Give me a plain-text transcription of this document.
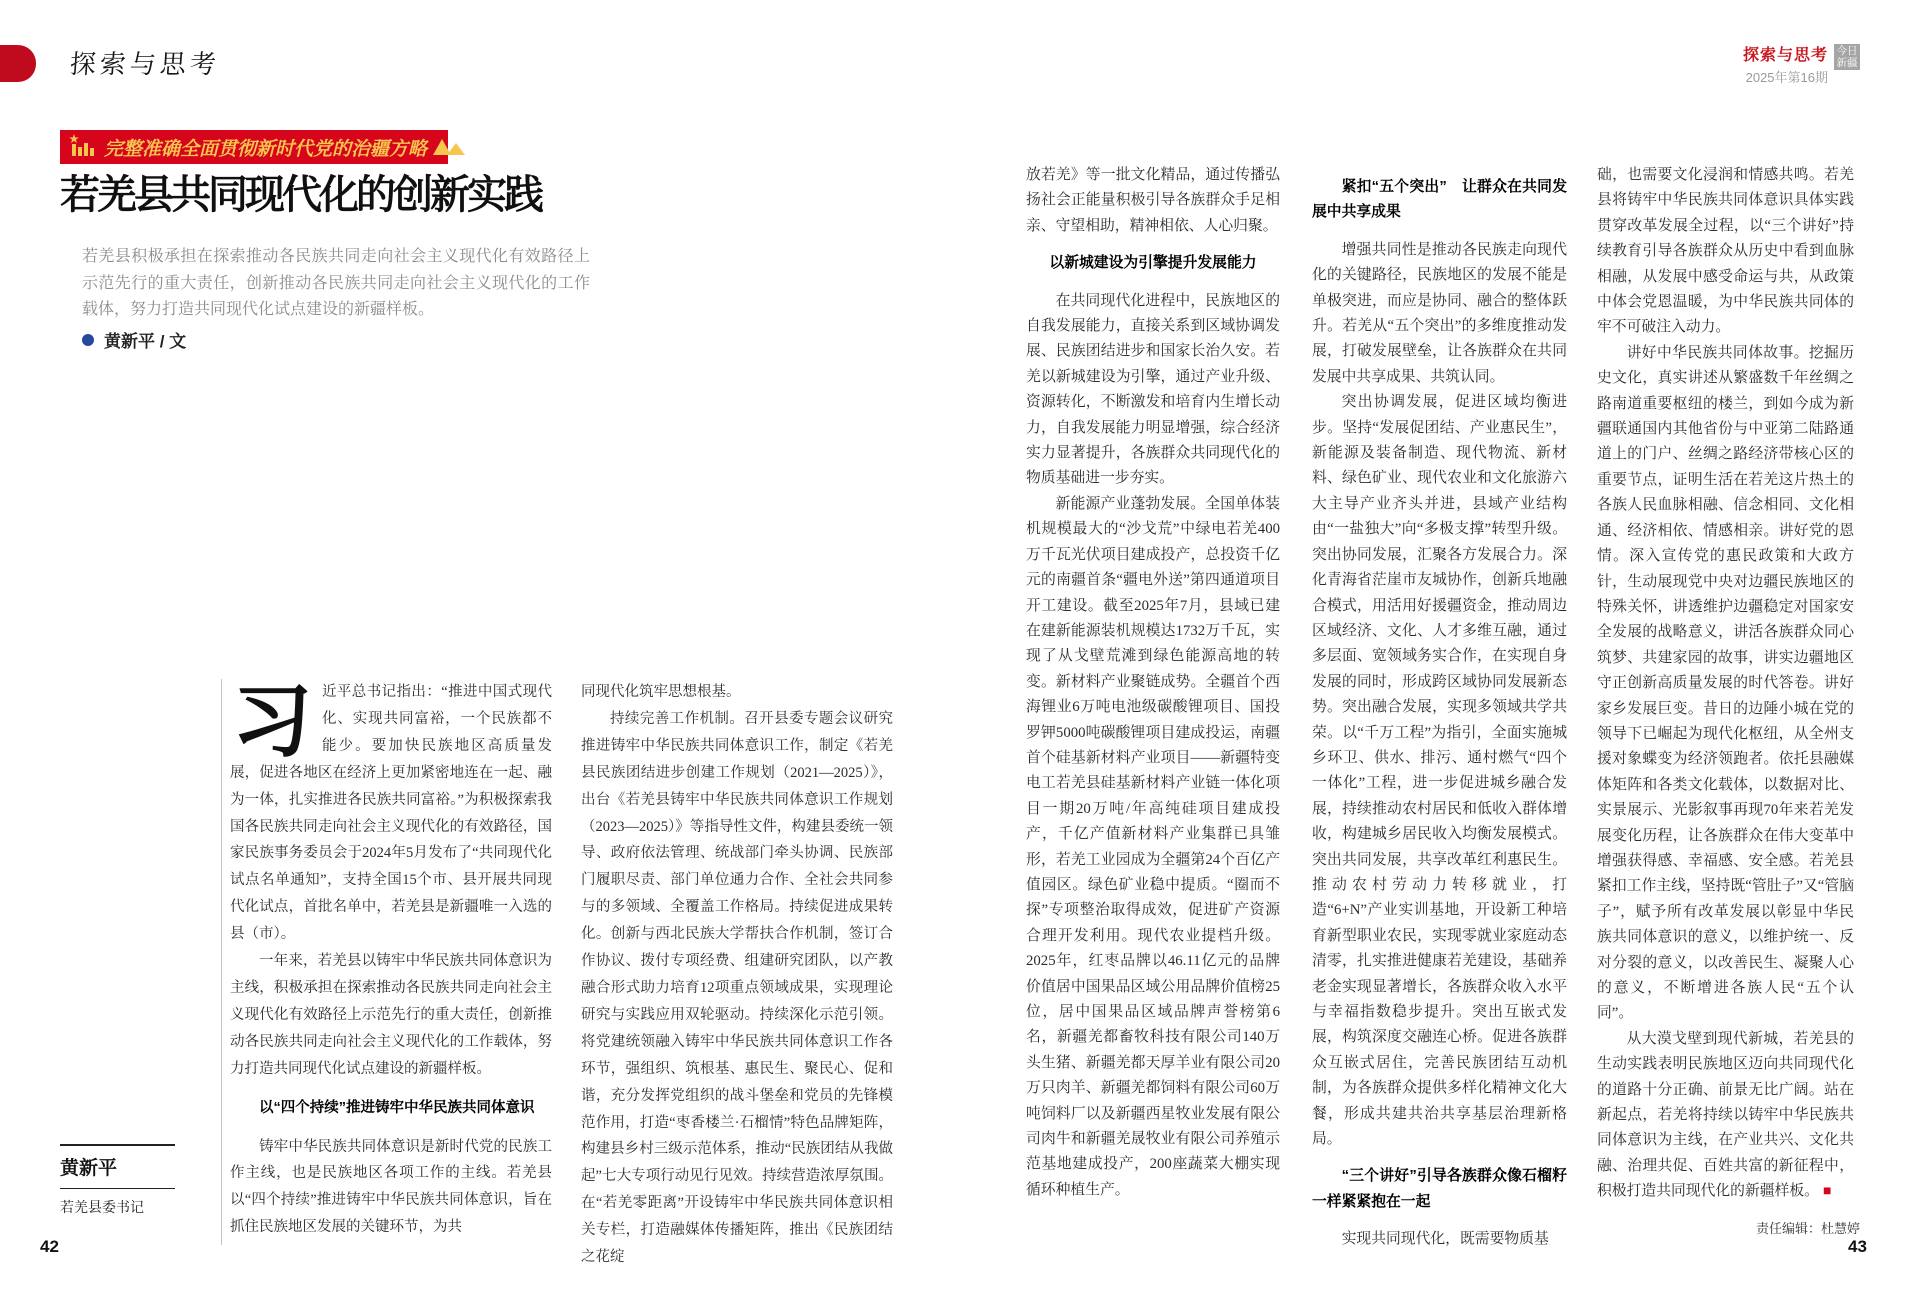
探索与思考
完整准确全面贯彻新时代党的治疆方略
若羌县共同现代化的创新实践
若羌县积极承担在探索推动各民族共同走向社会主义现代化有效路径上示范先行的重大责任，创新推动各民族共同走向社会主义现代化的工作载体，努力打造共同现代化试点建设的新疆样板。
黄新平 / 文
探索与思考
2025年第16期
今日
新疆

习近平总书记指出：“推进中国式现代化、实现共同富裕，一个民族都不能少。要加快民族地区高质量发展，促进各地区在经济上更加紧密地连在一起、融为一体，扎实推进各民族共同富裕。”为积极探索我国各民族共同走向社会主义现代化的有效路径，国家民族事务委员会于2024年5月发布了“共同现代化试点名单通知”，支持全国15个市、县开展共同现代化试点，首批名单中，若羌县是新疆唯一入选的县（市）。

一年来，若羌县以铸牢中华民族共同体意识为主线，积极承担在探索推动各民族共同走向社会主义现代化有效路径上示范先行的重大责任，创新推动各民族共同走向社会主义现代化的工作载体，努力打造共同现代化试点建设的新疆样板。

以“四个持续”推进铸牢中华民族共同体意识

铸牢中华民族共同体意识是新时代党的民族工作主线，也是民族地区各项工作的主线。若羌县以“四个持续”推进铸牢中华民族共同体意识，旨在抓住民族地区发展的关键环节，为共

同现代化筑牢思想根基。

持续完善工作机制。召开县委专题会议研究推进铸牢中华民族共同体意识工作，制定《若羌县民族团结进步创建工作规划（2021—2025）》，出台《若羌县铸牢中华民族共同体意识工作规划（2023—2025）》等指导性文件，构建县委统一领导、政府依法管理、统战部门牵头协调、民族部门履职尽责、部门单位通力合作、全社会共同参与的多领域、全覆盖工作格局。持续促进成果转化。创新与西北民族大学帮扶合作机制，签订合作协议、拨付专项经费、组建研究团队，以产教融合形式助力培育12项重点领域成果，实现理论研究与实践应用双轮驱动。持续深化示范引领。将党建统领融入铸牢中华民族共同体意识工作各环节，强组织、筑根基、惠民生、聚民心、促和谐，充分发挥党组织的战斗堡垒和党员的先锋模范作用，打造“枣香楼兰·石榴情”特色品牌矩阵，构建县乡村三级示范体系，推动“民族团结从我做起”七大专项行动见行见效。持续营造浓厚氛围。在“若羌零距离”开设铸牢中华民族共同体意识相关专栏，打造融媒体传播矩阵，推出《民族团结之花绽

放若羌》等一批文化精品，通过传播弘扬社会正能量积极引导各族群众手足相亲、守望相助，精神相依、人心归聚。

以新城建设为引擎提升发展能力

在共同现代化进程中，民族地区的自我发展能力，直接关系到区域协调发展、民族团结进步和国家长治久安。若羌以新城建设为引擎，通过产业升级、资源转化，不断激发和培育内生增长动力，自我发展能力明显增强，综合经济实力显著提升，各族群众共同现代化的物质基础进一步夯实。

新能源产业蓬勃发展。全国单体装机规模最大的“沙戈荒”中绿电若羌400万千瓦光伏项目建成投产，总投资千亿元的南疆首条“疆电外送”第四通道项目开工建设。截至2025年7月，县域已建在建新能源装机规模达1732万千瓦，实现了从戈壁荒滩到绿色能源高地的转变。新材料产业聚链成势。全疆首个西海锂业6万吨电池级碳酸锂项目、国投罗钾5000吨碳酸锂项目建成投运，南疆首个硅基新材料产业项目——新疆特变电工若羌县硅基新材料产业链一体化项目一期20万吨/年高纯硅项目建成投产，千亿产值新材料产业集群已具雏形，若羌工业园成为全疆第24个百亿产值园区。绿色矿业稳中提质。“圈而不探”专项整治取得成效，促进矿产资源合理开发利用。现代农业提档升级。2025年，红枣品牌以46.11亿元的品牌价值居中国果品区域公用品牌价值榜25位，居中国果品区域品牌声誉榜第6名，新疆羌都畜牧科技有限公司140万头生猪、新疆羌都天厚羊业有限公司20万只肉羊、新疆羌都饲料有限公司60万吨饲料厂以及新疆西星牧业发展有限公司肉牛和新疆羌晟牧业有限公司养殖示范基地建成投产，200座蔬菜大棚实现循环种植生产。

紧扣“五个突出”　让群众在共同发展中共享成果

增强共同性是推动各民族走向现代化的关键路径，民族地区的发展不能是单极突进，而应是协同、融合的整体跃升。若羌从“五个突出”的多维度推动发展，打破发展壁垒，让各族群众在共同发展中共享成果、共筑认同。

突出协调发展，促进区域均衡进步。坚持“发展促团结、产业惠民生”，新能源及装备制造、现代物流、新材料、绿色矿业、现代农业和文化旅游六大主导产业齐头并进，县域产业结构由“一盐独大”向“多极支撑”转型升级。突出协同发展，汇聚各方发展合力。深化青海省茫崖市友城协作，创新兵地融合模式，用活用好援疆资金，推动周边区域经济、文化、人才多维互融，通过多层面、宽领域务实合作，在实现自身发展的同时，形成跨区域协同发展新态势。突出融合发展，实现多领域共学共荣。以“千万工程”为指引，全面实施城乡环卫、供水、排污、通村燃气“四个一体化”工程，进一步促进城乡融合发展，持续推动农村居民和低收入群体增收，构建城乡居民收入均衡发展模式。突出共同发展，共享改革红利惠民生。推动农村劳动力转移就业，打造“6+N”产业实训基地，开设新工种培育新型职业农民，实现零就业家庭动态清零，扎实推进健康若羌建设，基础养老金实现显著增长，各族群众收入水平与幸福指数稳步提升。突出互嵌式发展，构筑深度交融连心桥。促进各族群众互嵌式居住，完善民族团结互动机制，为各族群众提供多样化精神文化大餐，形成共建共治共享基层治理新格局。

“三个讲好”引导各族群众像石榴籽一样紧紧抱在一起

实现共同现代化，既需要物质基

础，也需要文化浸润和情感共鸣。若羌县将铸牢中华民族共同体意识具体实践贯穿改革发展全过程，以“三个讲好”持续教育引导各族群众从历史中看到血脉相融，从发展中感受命运与共，从政策中体会党恩温暖，为中华民族共同体的牢不可破注入动力。

讲好中华民族共同体故事。挖掘历史文化，真实讲述从繁盛数千年丝绸之路南道重要枢纽的楼兰，到如今成为新疆联通国内其他省份与中亚第二陆路通道上的门户、丝绸之路经济带核心区的重要节点，证明生活在若羌这片热土的各族人民血脉相融、信念相同、文化相通、经济相依、情感相亲。讲好党的恩情。深入宣传党的惠民政策和大政方针，生动展现党中央对边疆民族地区的特殊关怀，讲透维护边疆稳定对国家安全发展的战略意义，讲活各族群众同心筑梦、共建家园的故事，讲实边疆地区守正创新高质量发展的时代答卷。讲好家乡发展巨变。昔日的边陲小城在党的领导下已崛起为现代化枢纽，从全州支援对象蝶变为经济领跑者。依托县融媒体矩阵和各类文化载体，以数据对比、实景展示、光影叙事再现70年来若羌发展变化历程，让各族群众在伟大变革中增强获得感、幸福感、安全感。若羌县紧扣工作主线，坚持既“管肚子”又“管脑子”，赋予所有改革发展以彰显中华民族共同体意识的意义，以维护统一、反对分裂的意义，以改善民生、凝聚人心的意义，不断增进各族人民“五个认同”。

从大漠戈壁到现代新城，若羌县的生动实践表明民族地区迈向共同现代化的道路十分正确、前景无比广阔。站在新起点，若羌将持续以铸牢中华民族共同体意识为主线，在产业共兴、文化共融、治理共促、百姓共富的新征程中，积极打造共同现代化的新疆样板。 ■

黄新平
若羌县委书记
42	43
责任编辑：杜慧婷
